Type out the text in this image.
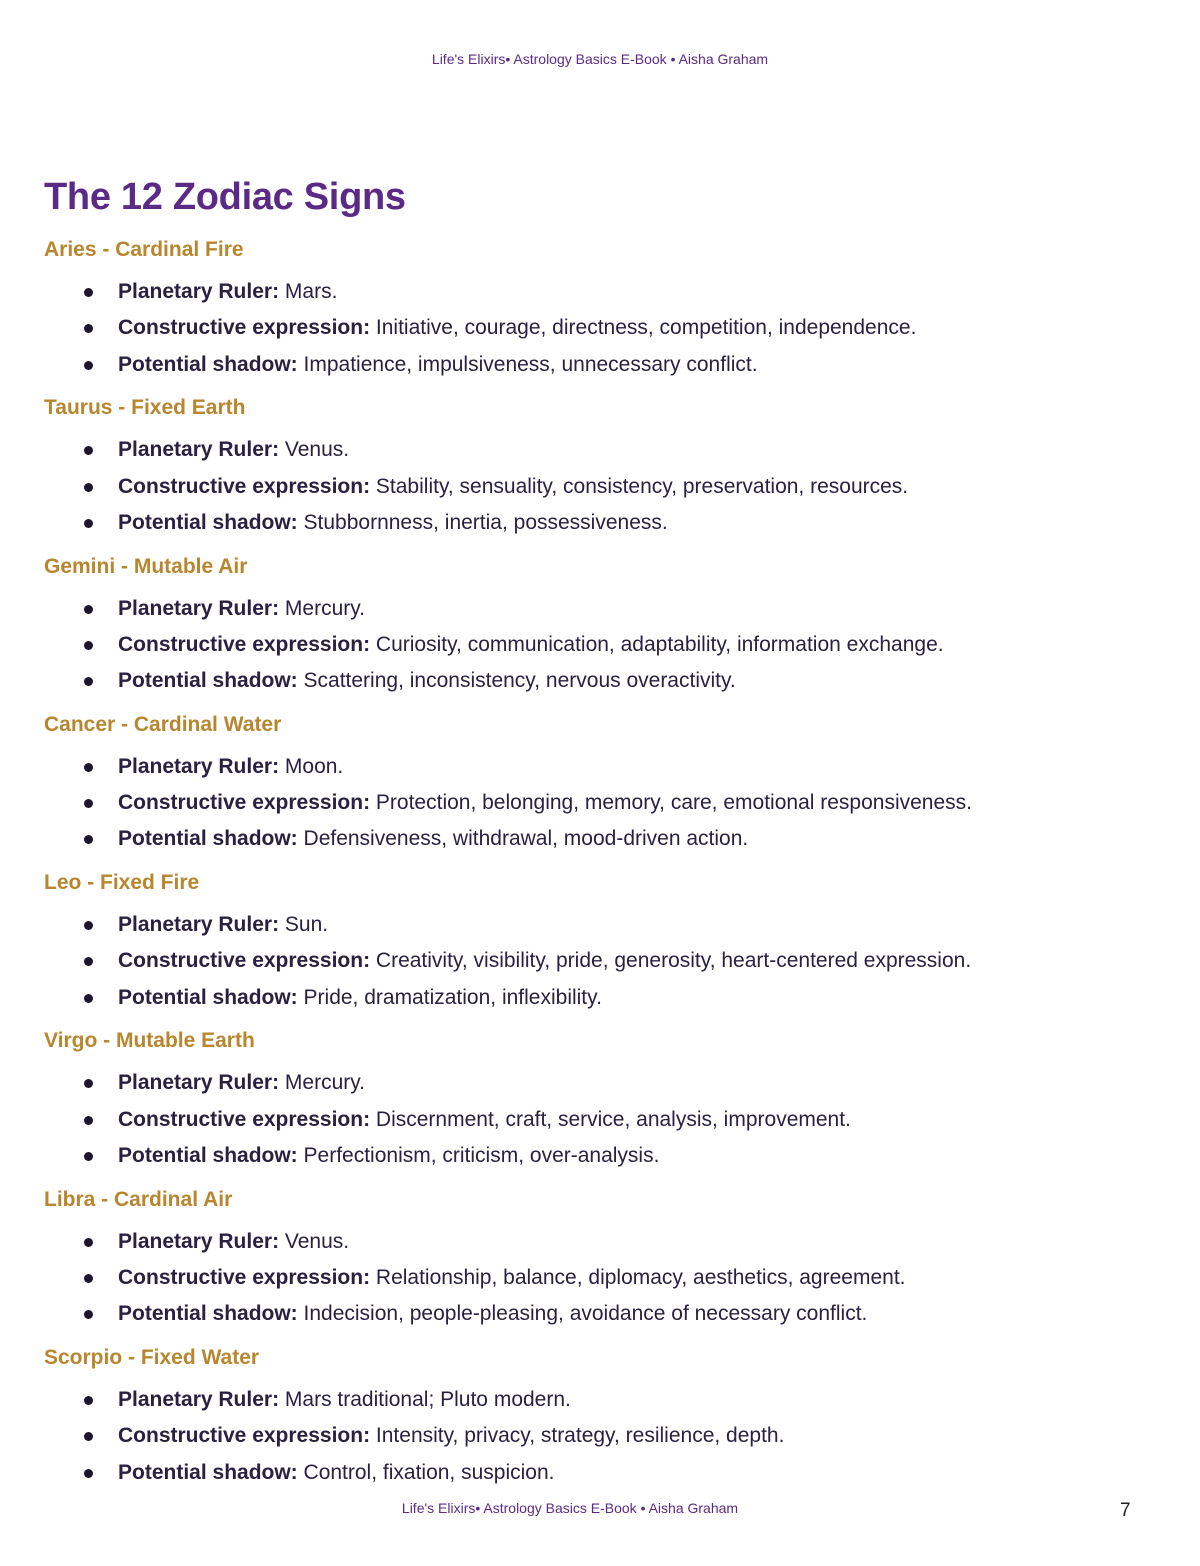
Life's Elixirs• Astrology Basics E-Book • Aisha Graham
The 12 Zodiac Signs
Aries - Cardinal Fire
Planetary Ruler: Mars.
Constructive expression: Initiative, courage, directness, competition, independence.
Potential shadow: Impatience, impulsiveness, unnecessary conflict.
Taurus - Fixed Earth
Planetary Ruler: Venus.
Constructive expression: Stability, sensuality, consistency, preservation, resources.
Potential shadow: Stubbornness, inertia, possessiveness.
Gemini - Mutable Air
Planetary Ruler: Mercury.
Constructive expression: Curiosity, communication, adaptability, information exchange.
Potential shadow: Scattering, inconsistency, nervous overactivity.
Cancer - Cardinal Water
Planetary Ruler: Moon.
Constructive expression: Protection, belonging, memory, care, emotional responsiveness.
Potential shadow: Defensiveness, withdrawal, mood-driven action.
Leo - Fixed Fire
Planetary Ruler: Sun.
Constructive expression: Creativity, visibility, pride, generosity, heart-centered expression.
Potential shadow: Pride, dramatization, inflexibility.
Virgo - Mutable Earth
Planetary Ruler: Mercury.
Constructive expression: Discernment, craft, service, analysis, improvement.
Potential shadow: Perfectionism, criticism, over-analysis.
Libra - Cardinal Air
Planetary Ruler: Venus.
Constructive expression: Relationship, balance, diplomacy, aesthetics, agreement.
Potential shadow: Indecision, people-pleasing, avoidance of necessary conflict.
Scorpio - Fixed Water
Planetary Ruler: Mars traditional; Pluto modern.
Constructive expression: Intensity, privacy, strategy, resilience, depth.
Potential shadow: Control, fixation, suspicion.
Life's Elixirs• Astrology Basics E-Book • Aisha Graham	7
